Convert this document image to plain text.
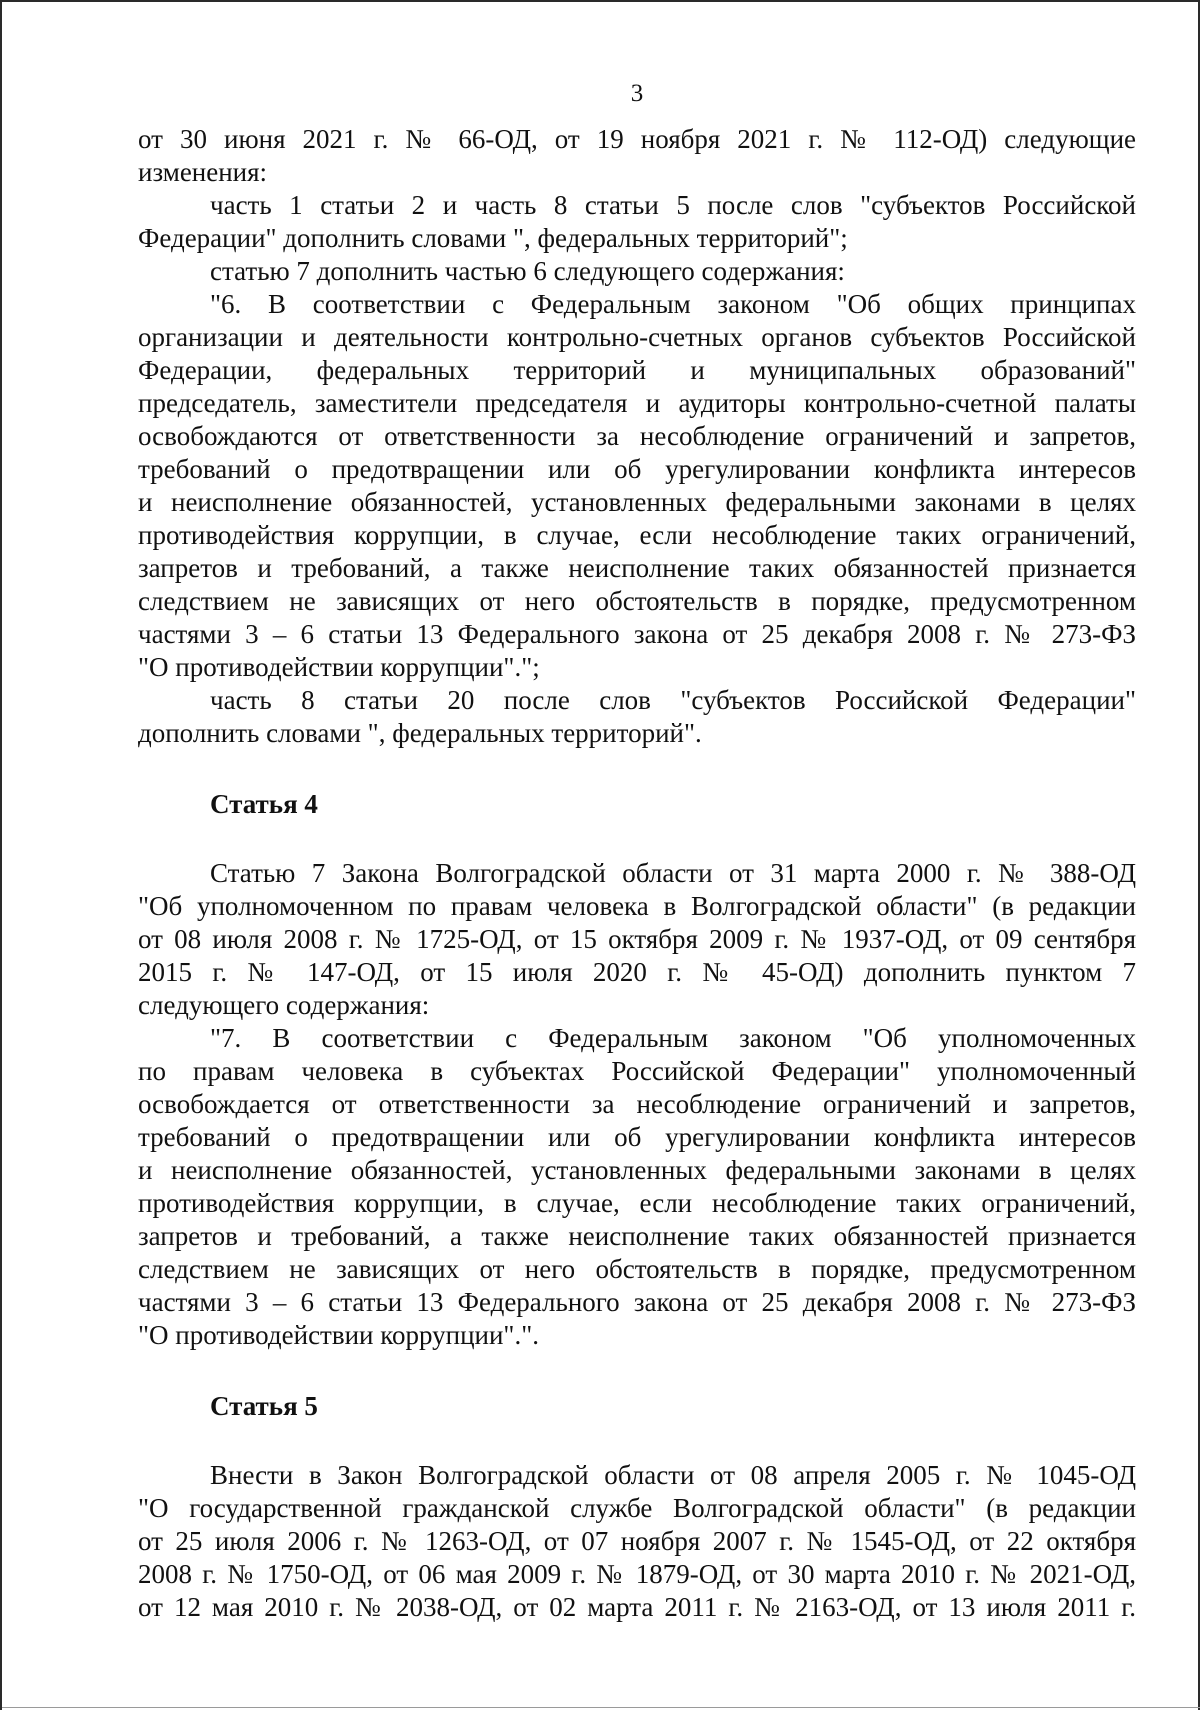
3
от 30 июня 2021 г. № 66-ОД, от 19 ноября 2021 г. № 112-ОД) следующие
изменения:
часть 1 статьи 2 и часть 8 статьи 5 после слов "субъектов Российской
Федерации" дополнить словами ", федеральных территорий";
статью 7 дополнить частью 6 следующего содержания:
"6. В соответствии с Федеральным законом "Об общих принципах
организации и деятельности контрольно-счетных органов субъектов Российской
Федерации, федеральных территорий и муниципальных образований"
председатель, заместители председателя и аудиторы контрольно-счетной палаты
освобождаются от ответственности за несоблюдение ограничений и запретов,
требований о предотвращении или об урегулировании конфликта интересов
и неисполнение обязанностей, установленных федеральными законами в целях
противодействия коррупции, в случае, если несоблюдение таких ограничений,
запретов и требований, а также неисполнение таких обязанностей признается
следствием не зависящих от него обстоятельств в порядке, предусмотренном
частями 3 – 6 статьи 13 Федерального закона от 25 декабря 2008 г. № 273-ФЗ
"О противодействии коррупции".";
часть 8 статьи 20 после слов "субъектов Российской Федерации"
дополнить словами ", федеральных территорий".
Статья 4
Статью 7 Закона Волгоградской области от 31 марта 2000 г. № 388-ОД
"Об уполномоченном по правам человека в Волгоградской области" (в редакции
от 08 июля 2008 г. № 1725-ОД, от 15 октября 2009 г. № 1937-ОД, от 09 сентября
2015 г. № 147-ОД, от 15 июля 2020 г. № 45-ОД) дополнить пунктом 7
следующего содержания:
"7. В соответствии с Федеральным законом "Об уполномоченных
по правам человека в субъектах Российской Федерации" уполномоченный
освобождается от ответственности за несоблюдение ограничений и запретов,
требований о предотвращении или об урегулировании конфликта интересов
и неисполнение обязанностей, установленных федеральными законами в целях
противодействия коррупции, в случае, если несоблюдение таких ограничений,
запретов и требований, а также неисполнение таких обязанностей признается
следствием не зависящих от него обстоятельств в порядке, предусмотренном
частями 3 – 6 статьи 13 Федерального закона от 25 декабря 2008 г. № 273-ФЗ
"О противодействии коррупции".".
Статья 5
Внести в Закон Волгоградской области от 08 апреля 2005 г. № 1045-ОД
"О государственной гражданской службе Волгоградской области" (в редакции
от 25 июля 2006 г. № 1263-ОД, от 07 ноября 2007 г. № 1545-ОД, от 22 октября
2008 г. № 1750-ОД, от 06 мая 2009 г. № 1879-ОД, от 30 марта 2010 г. № 2021-ОД,
от 12 мая 2010 г. № 2038-ОД, от 02 марта 2011 г. № 2163-ОД, от 13 июля 2011 г.
